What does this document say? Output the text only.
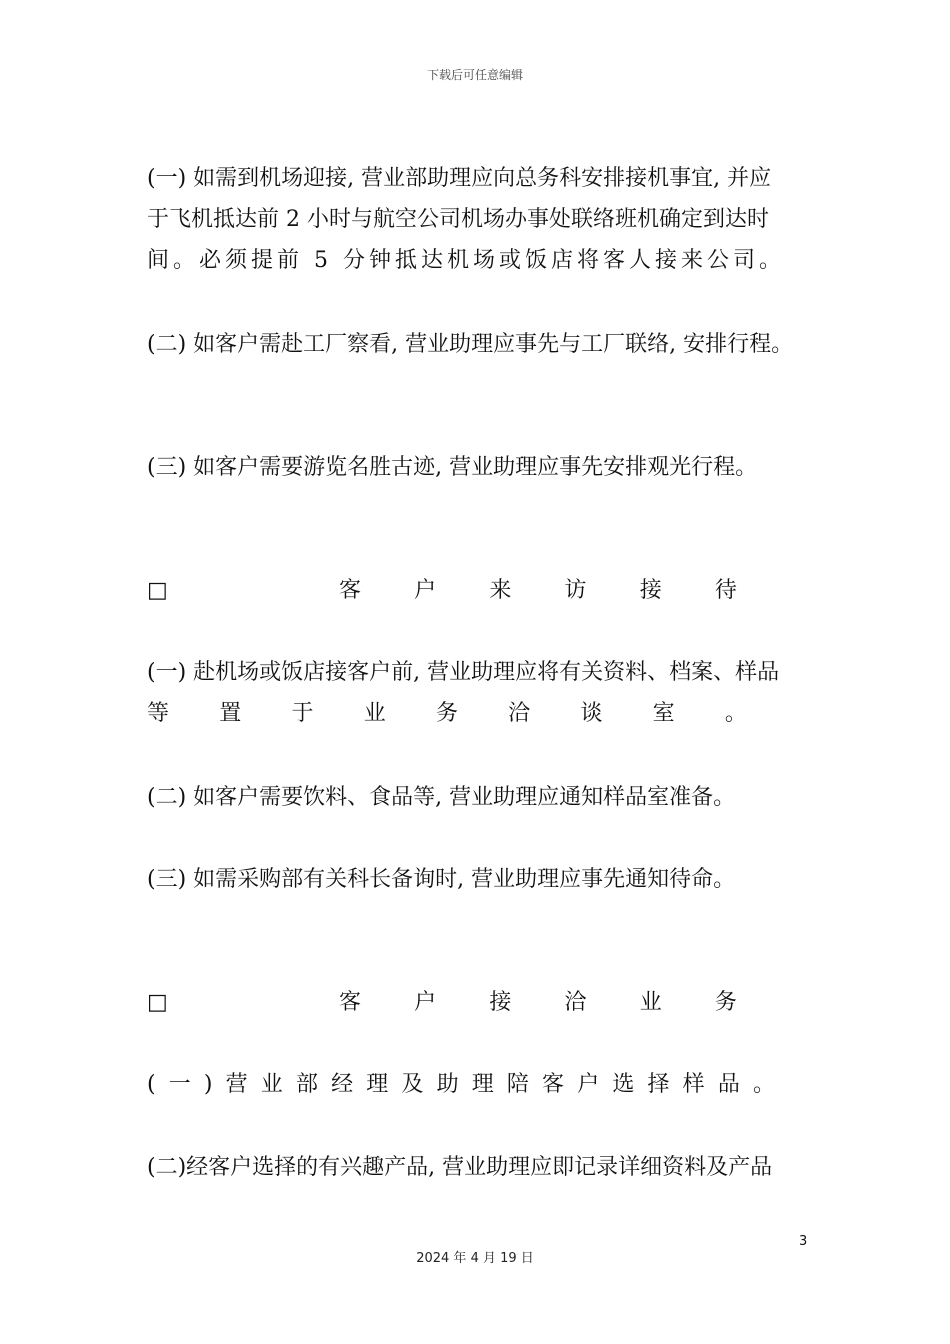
下载后可任意编辑
(一) 如需到机场迎接, 营业部助理应向总务科安排接机事宜, 并应
于飞机抵达前 2 小时与航空公司机场办事处联络班机确定到达时
间。必须提前 5 分钟抵达机场或饭店将客人接来公司。
(二) 如客户需赴工厂察看, 营业助理应事先与工厂联络, 安排行程。
(三) 如客户需要游览名胜古迹, 营业助理应事先安排观光行程。
□	客 户 来 访 接 待
(一) 赴机场或饭店接客户前, 营业助理应将有关资料、档案、样品
等 置 于 业 务 洽 谈 室 。
(二) 如客户需要饮料、食品等, 营业助理应通知样品室准备。
(三) 如需采购部有关科长备询时, 营业助理应事先通知待命。
□	客 户 接 洽 业 务
( 一 ) 营 业 部 经 理 及 助 理 陪 客 户 选 择 样 品 。
(二)经客户选择的有兴趣产品, 营业助理应即记录详细资料及产品
3
2024 年 4 月 19 日
